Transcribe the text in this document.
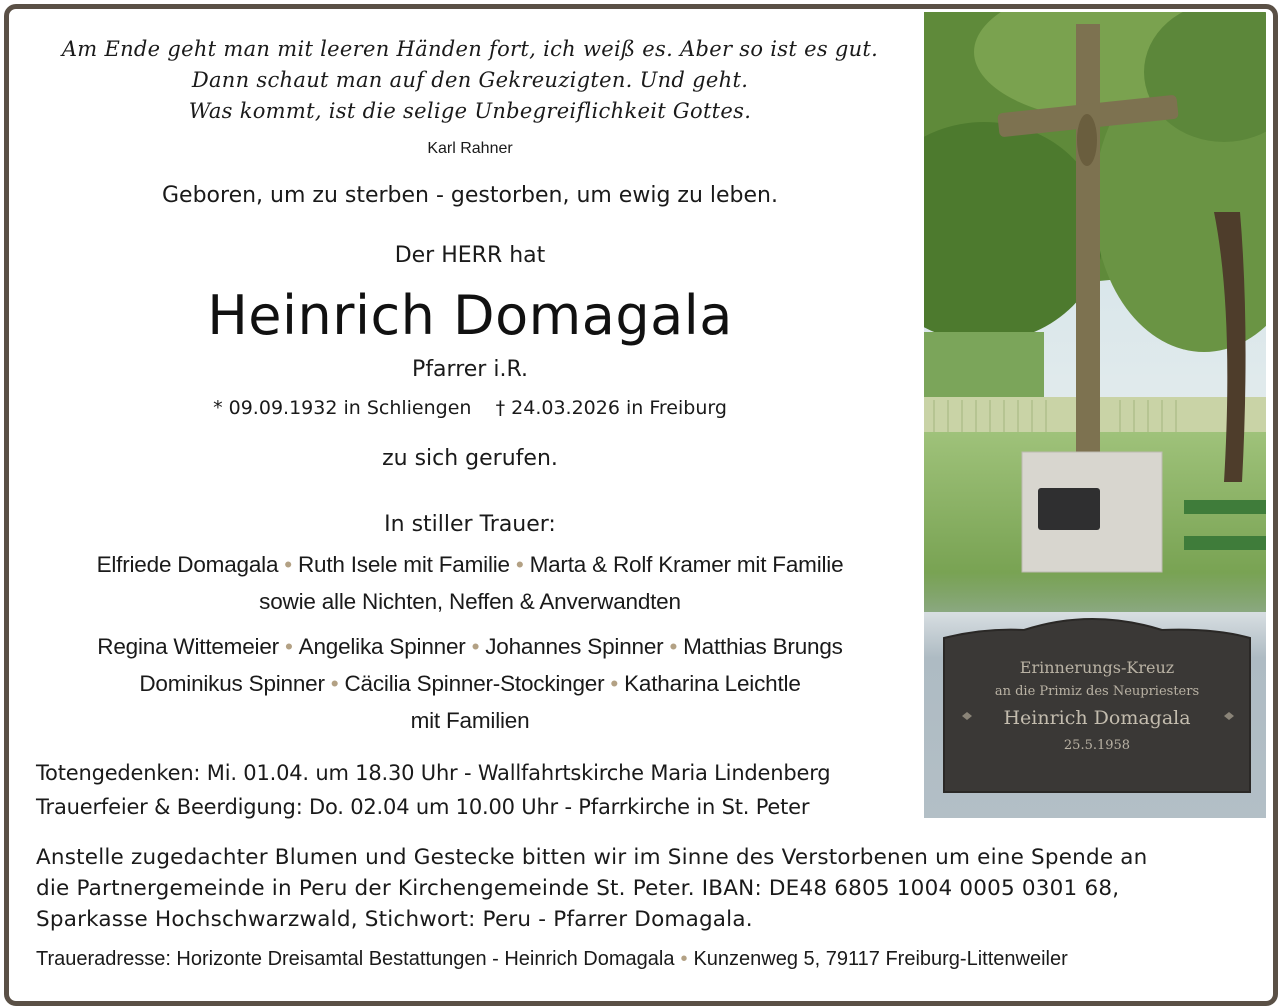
Am Ende geht man mit leeren Händen fort, ich weiß es. Aber so ist es gut.
Dann schaut man auf den Gekreuzigten. Und geht.
Was kommt, ist die selige Unbegreiflichkeit Gottes.
Karl Rahner
Geboren, um zu sterben - gestorben, um ewig zu leben.
Der HERR hat
Heinrich Domagala
Pfarrer i.R.
* 09.09.1932 in Schliengen † 24.03.2026 in Freiburg
zu sich gerufen.
In stiller Trauer:
Elfriede Domagala • Ruth Isele mit Familie • Marta & Rolf Kramer mit Familie
sowie alle Nichten, Neffen & Anverwandten
Regina Wittemeier • Angelika Spinner • Johannes Spinner • Matthias Brungs
Dominikus Spinner • Cäcilia Spinner-Stockinger • Katharina Leichtle
mit Familien
Totengedenken: Mi. 01.04. um 18.30 Uhr - Wallfahrtskirche Maria Lindenberg
Trauerfeier & Beerdigung: Do. 02.04 um 10.00 Uhr - Pfarrkirche in St. Peter
Erinnerungs-Kreuz
an die Primiz des Neupriesters
Heinrich Domagala
25.5.1958
Anstelle zugedachter Blumen und Gestecke bitten wir im Sinne des Verstorbenen um eine Spende an
die Partnergemeinde in Peru der Kirchengemeinde St. Peter. IBAN: DE48 6805 1004 0005 0301 68,
Sparkasse Hochschwarzwald, Stichwort: Peru - Pfarrer Domagala.
Traueradresse: Horizonte Dreisamtal Bestattungen - Heinrich Domagala • Kunzenweg 5, 79117 Freiburg-Littenweiler
